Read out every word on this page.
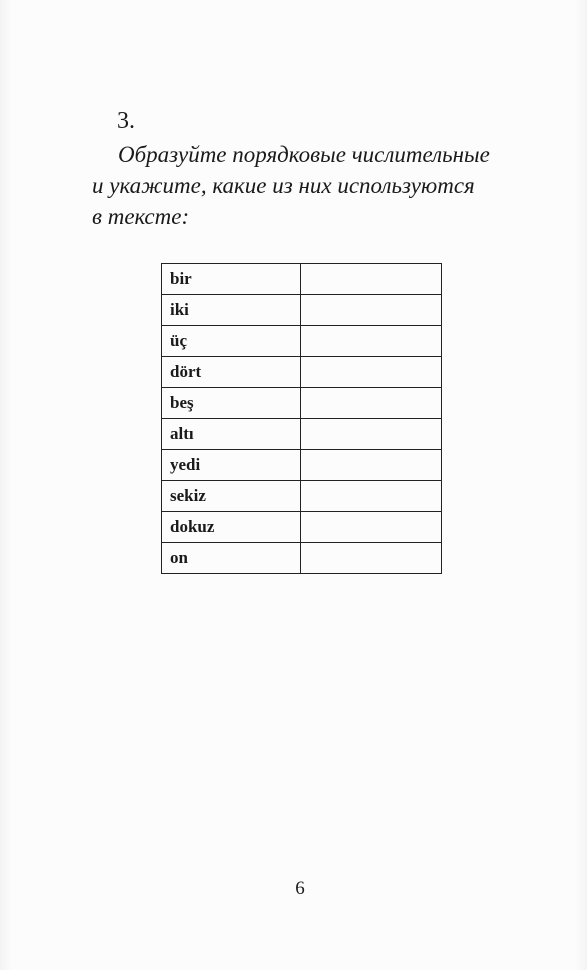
3.

Образуйте порядковые числительные
и укажите, какие из них используются
в тексте:

bir	
iki	
üç	
dört	
beş	
altı	
yedi	
sekiz	
dokuz	
on	
6
